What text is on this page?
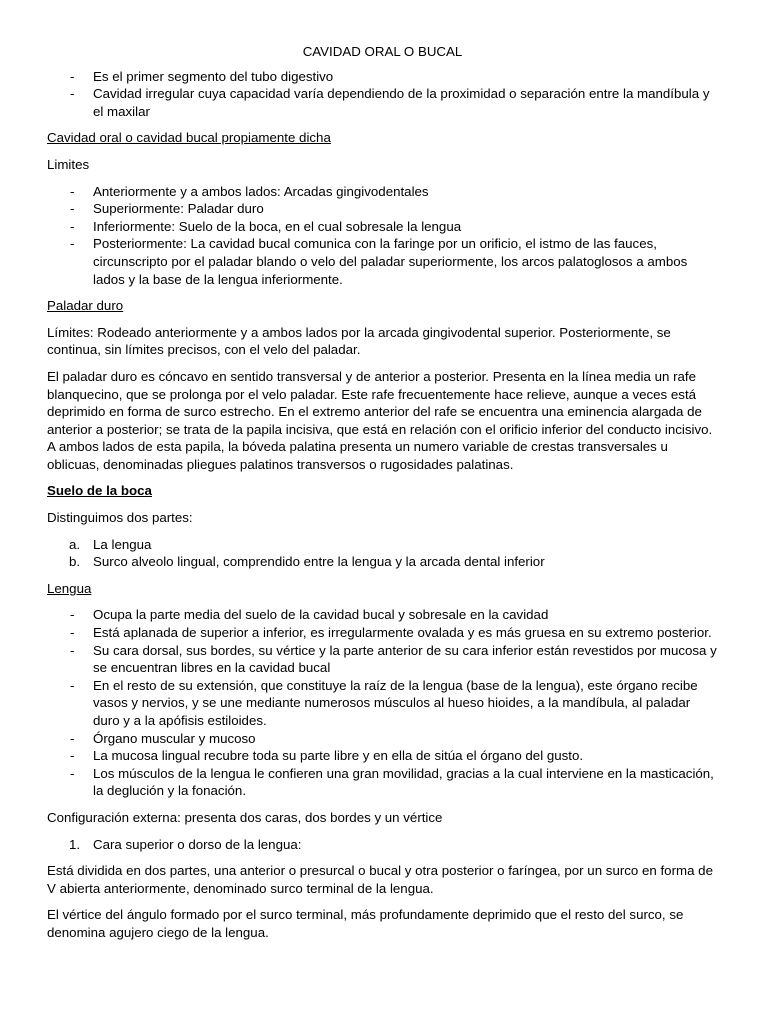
CAVIDAD ORAL O BUCAL
- Es el primer segmento del tubo digestivo
- Cavidad irregular cuya capacidad varía dependiendo de la proximidad o separación entre la mandíbula y el maxilar

Cavidad oral o cavidad bucal propiamente dicha

Limites

- Anteriormente y a ambos lados: Arcadas gingivodentales
- Superiormente: Paladar duro
- Inferiormente: Suelo de la boca, en el cual sobresale la lengua
- Posteriormente: La cavidad bucal comunica con la faringe por un orificio, el istmo de las fauces, circunscripto por el paladar blando o velo del paladar superiormente, los arcos palatoglosos a ambos lados y la base de la lengua inferiormente.

Paladar duro

Límites: Rodeado anteriormente y a ambos lados por la arcada gingivodental superior. Posteriormente, se continua, sin límites precisos, con el velo del paladar.

El paladar duro es cóncavo en sentido transversal y de anterior a posterior. Presenta en la línea media un rafe blanquecino, que se prolonga por el velo paladar. Este rafe frecuentemente hace relieve, aunque a veces está deprimido en forma de surco estrecho. En el extremo anterior del rafe se encuentra una eminencia alargada de anterior a posterior; se trata de la papila incisiva, que está en relación con el orificio inferior del conducto incisivo. A ambos lados de esta papila, la bóveda palatina presenta un numero variable de crestas transversales u oblicuas, denominadas pliegues palatinos transversos o rugosidades palatinas.

Suelo de la boca

Distinguimos dos partes:

a. La lengua
b. Surco alveolo lingual, comprendido entre la lengua y la arcada dental inferior

Lengua

- Ocupa la parte media del suelo de la cavidad bucal y sobresale en la cavidad
- Está aplanada de superior a inferior, es irregularmente ovalada y es más gruesa en su extremo posterior.
- Su cara dorsal, sus bordes, su vértice y la parte anterior de su cara inferior están revestidos por mucosa y se encuentran libres en la cavidad bucal
- En el resto de su extensión, que constituye la raíz de la lengua (base de la lengua), este órgano recibe vasos y nervios, y se une mediante numerosos músculos al hueso hioides, a la mandíbula, al paladar duro y a la apófisis estiloides.
- Órgano muscular y mucoso
- La mucosa lingual recubre toda su parte libre y en ella de sitúa el órgano del gusto.
- Los músculos de la lengua le confieren una gran movilidad, gracias a la cual interviene en la masticación, la deglución y la fonación.

Configuración externa: presenta dos caras, dos bordes y un vértice

1. Cara superior o dorso de la lengua:

Está dividida en dos partes, una anterior o presurcal o bucal y otra posterior o faríngea, por un surco en forma de V abierta anteriormente, denominado surco terminal de la lengua.

El vértice del ángulo formado por el surco terminal, más profundamente deprimido que el resto del surco, se denomina agujero ciego de la lengua.
